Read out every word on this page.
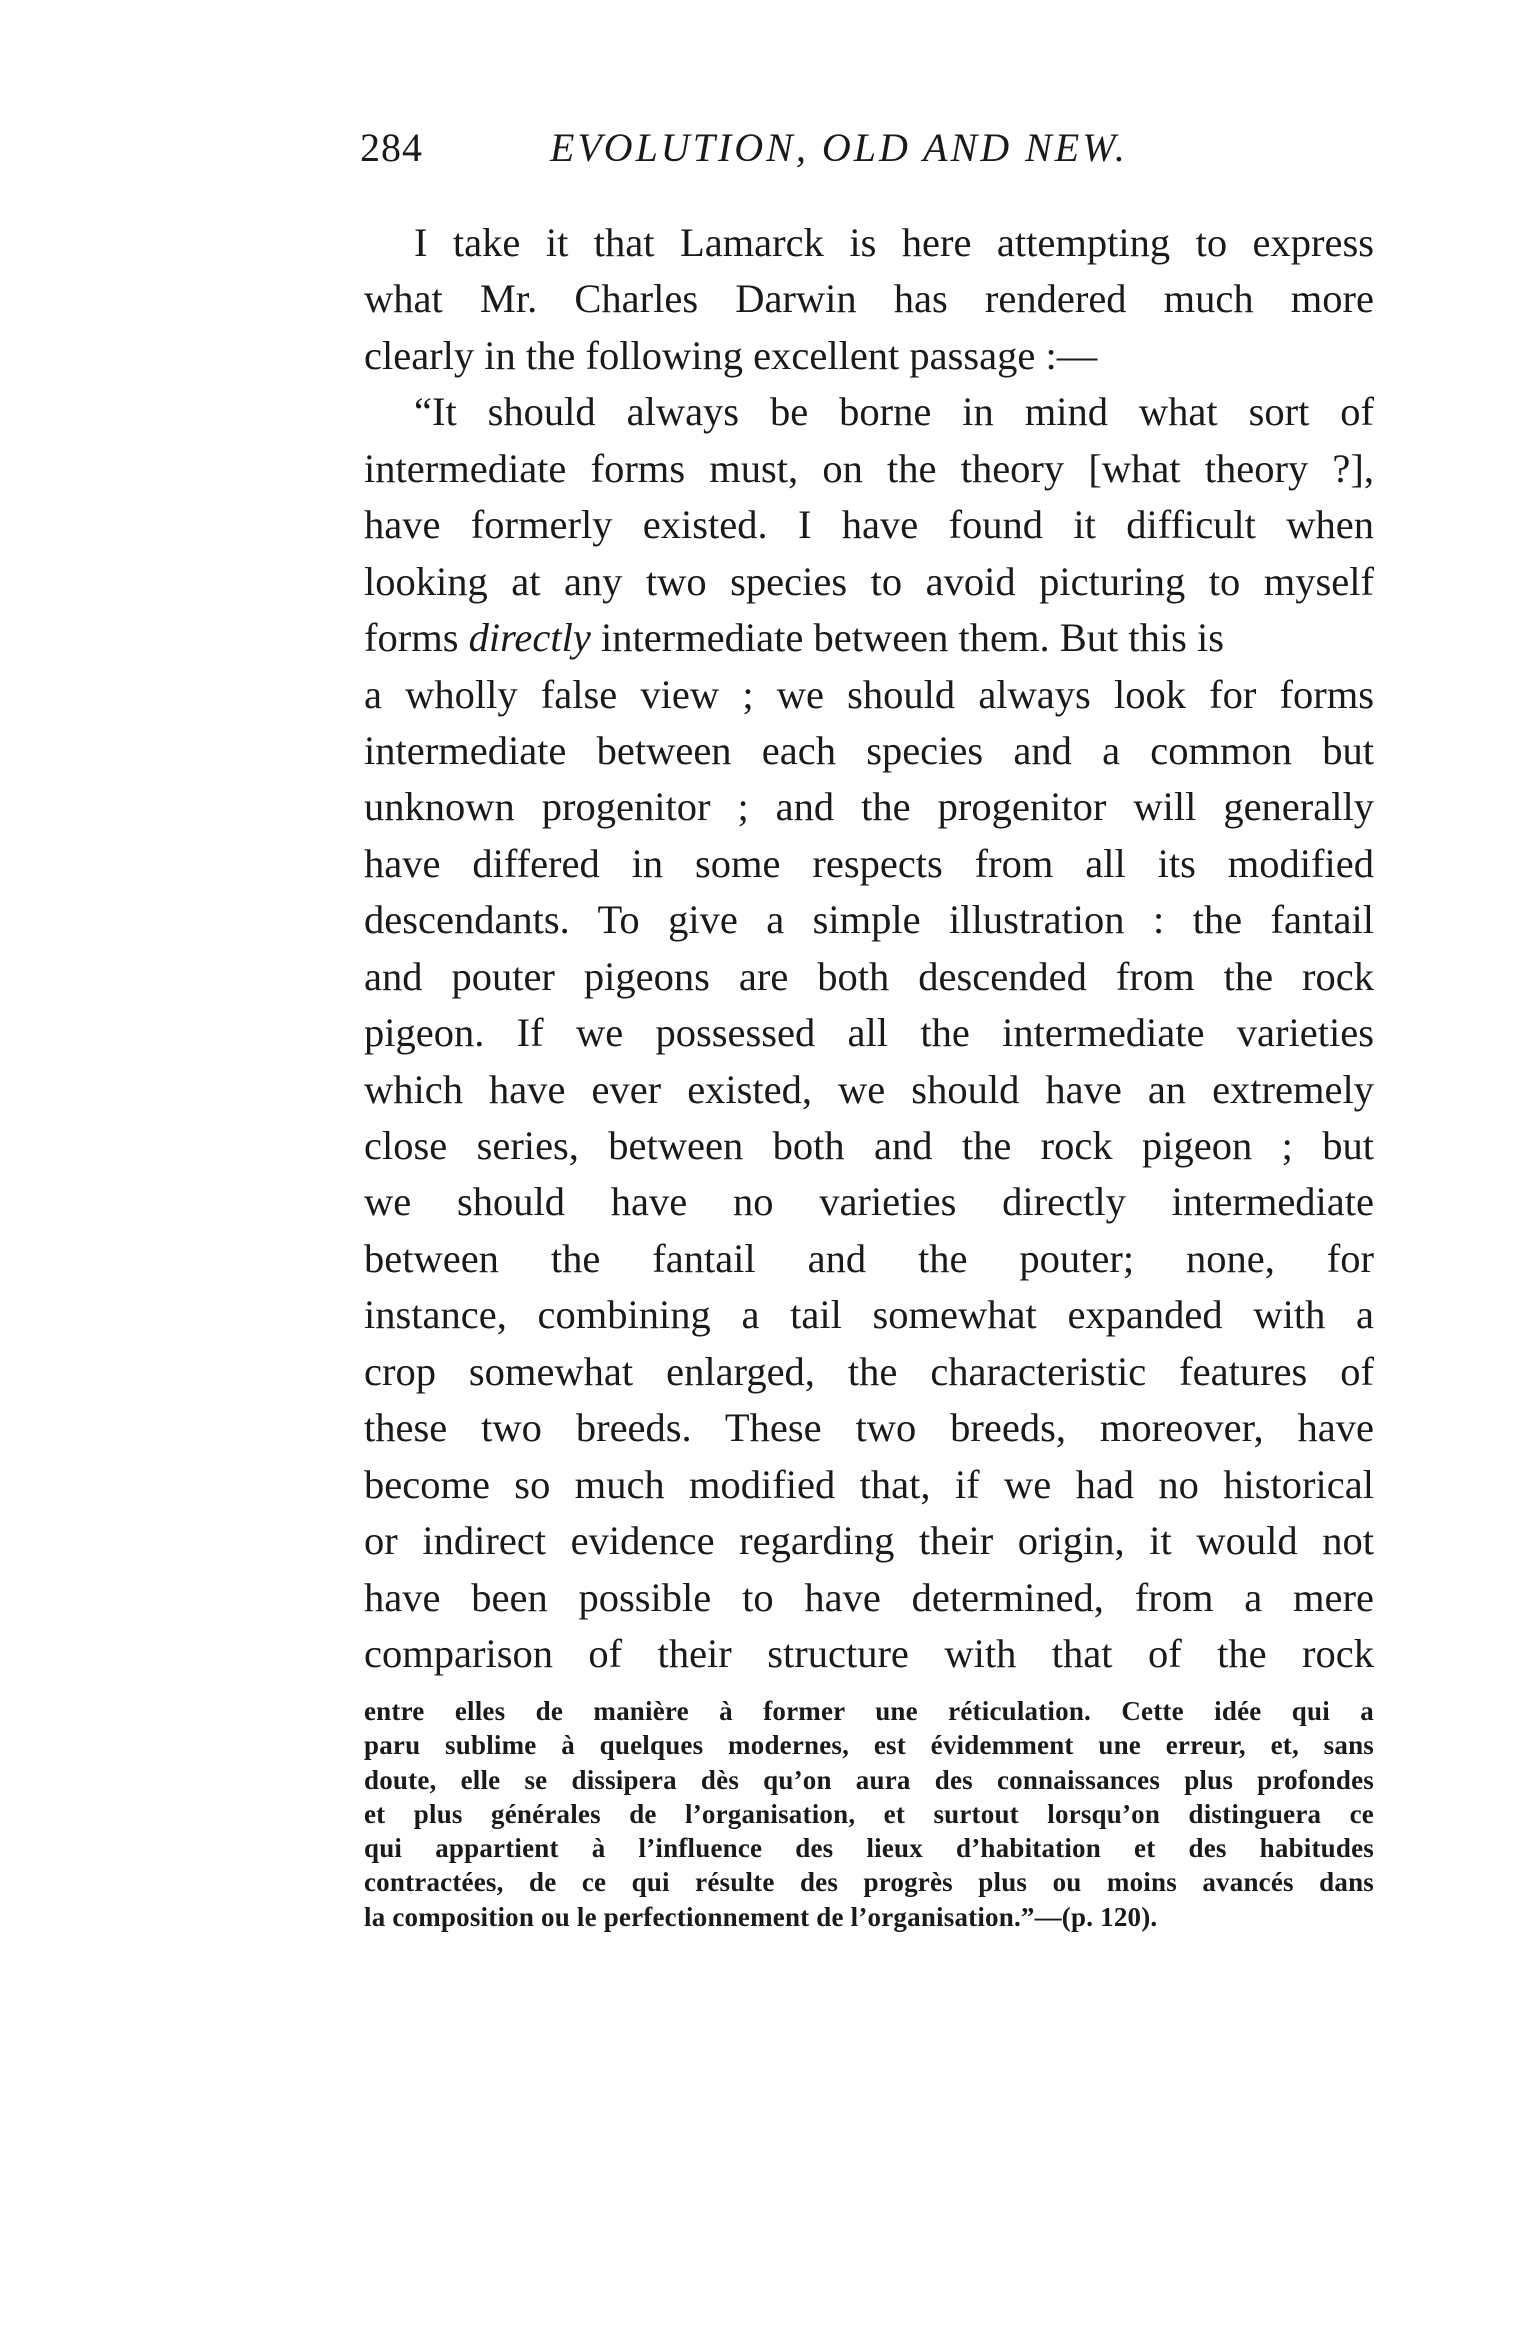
284	EVOLUTION, OLD AND NEW.
I take it that Lamarck is here attempting to express
what Mr. Charles Darwin has rendered much more
clearly in the following excellent passage :—
“It should always be borne in mind what sort of
intermediate forms must, on the theory [what theory ?],
have formerly existed. I have found it difficult when
looking at any two species to avoid picturing to myself
forms directly intermediate between them. But this is
a wholly false view ; we should always look for forms
intermediate between each species and a common but
unknown progenitor ; and the progenitor will generally
have differed in some respects from all its modified
descendants. To give a simple illustration : the fantail
and pouter pigeons are both descended from the rock
pigeon. If we possessed all the intermediate varieties
which have ever existed, we should have an extremely
close series, between both and the rock pigeon ; but
we should have no varieties directly intermediate
between the fantail and the pouter; none, for
instance, combining a tail somewhat expanded with a
crop somewhat enlarged, the characteristic features of
these two breeds. These two breeds, moreover, have
become so much modified that, if we had no historical
or indirect evidence regarding their origin, it would not
have been possible to have determined, from a mere
comparison of their structure with that of the rock
entre elles de manière à former une réticulation. Cette idée qui a
paru sublime à quelques modernes, est évidemment une erreur, et, sans
doute, elle se dissipera dès qu’on aura des connaissances plus profondes
et plus générales de l’organisation, et surtout lorsqu’on distinguera ce
qui appartient à l’influence des lieux d’habitation et des habitudes
contractées, de ce qui résulte des progrès plus ou moins avancés dans
la composition ou le perfectionnement de l’organisation.”—(p. 120).
